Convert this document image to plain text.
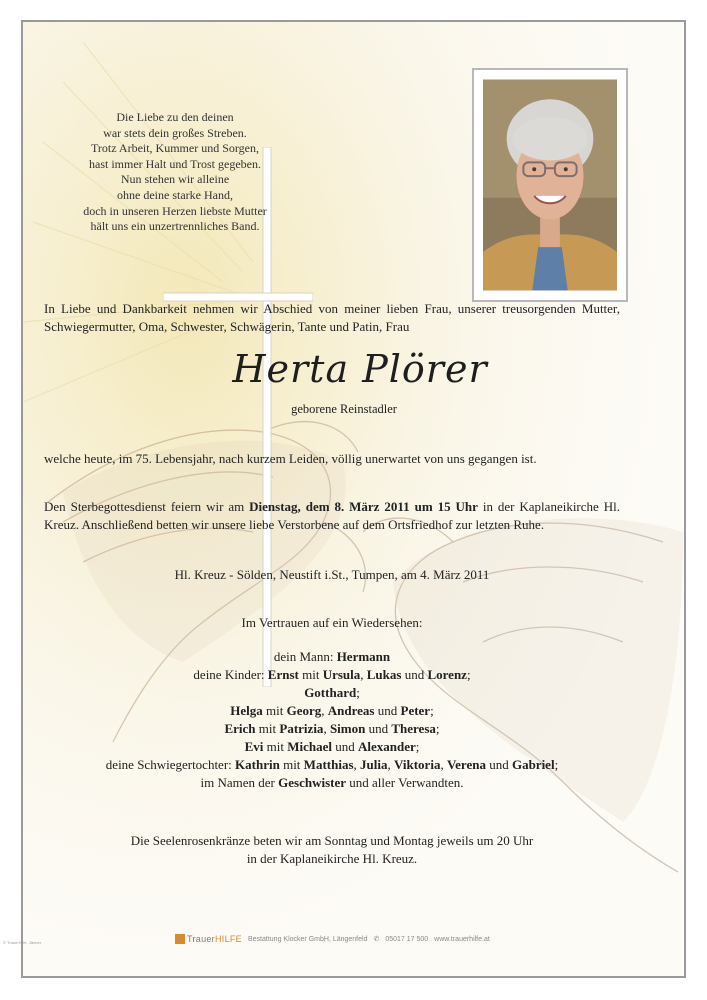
Die Liebe zu den deinen
war stets dein großes Streben.
Trotz Arbeit, Kummer und Sorgen,
hast immer Halt und Trost gegeben.
Nun stehen wir alleine
ohne deine starke Hand,
doch in unseren Herzen liebste Mutter
hält uns ein unzertrennliches Band.
In Liebe und Dankbarkeit nehmen wir Abschied von meiner lieben Frau, unserer treusorgenden Mutter, Schwiegermutter, Oma, Schwester, Schwägerin, Tante und Patin, Frau
Herta Plörer
geborene Reinstadler
welche heute, im 75. Lebensjahr, nach kurzem Leiden, völlig unerwartet von uns gegangen ist.
Den Sterbegottesdienst feiern wir am Dienstag, dem 8. März 2011 um 15 Uhr in der Kaplaneikirche Hl. Kreuz. Anschließend betten wir unsere liebe Verstorbene auf dem Ortsfriedhof zur letzten Ruhe.
Hl. Kreuz - Sölden, Neustift i.St., Tumpen, am 4. März 2011
Im Vertrauen auf ein Wiedersehen:
dein Mann: Hermann
deine Kinder: Ernst mit Ursula, Lukas und Lorenz;
Gotthard;
Helga mit Georg, Andreas und Peter;
Erich mit Patrizia, Simon und Theresa;
Evi mit Michael und Alexander;
deine Schwiegertochter: Kathrin mit Matthias, Julia, Viktoria, Verena und Gabriel;
im Namen der Geschwister und aller Verwandten.
Die Seelenrosenkränze beten wir am Sonntag und Montag jeweils um 20 Uhr
in der Kaplaneikirche Hl. Kreuz.
TrauerHILFE Bestattung Klocker GmbH, Längenfeld ✆ 05017 17 500 www.trauerhilfe.at
© TrauerHilfe, Jänner
